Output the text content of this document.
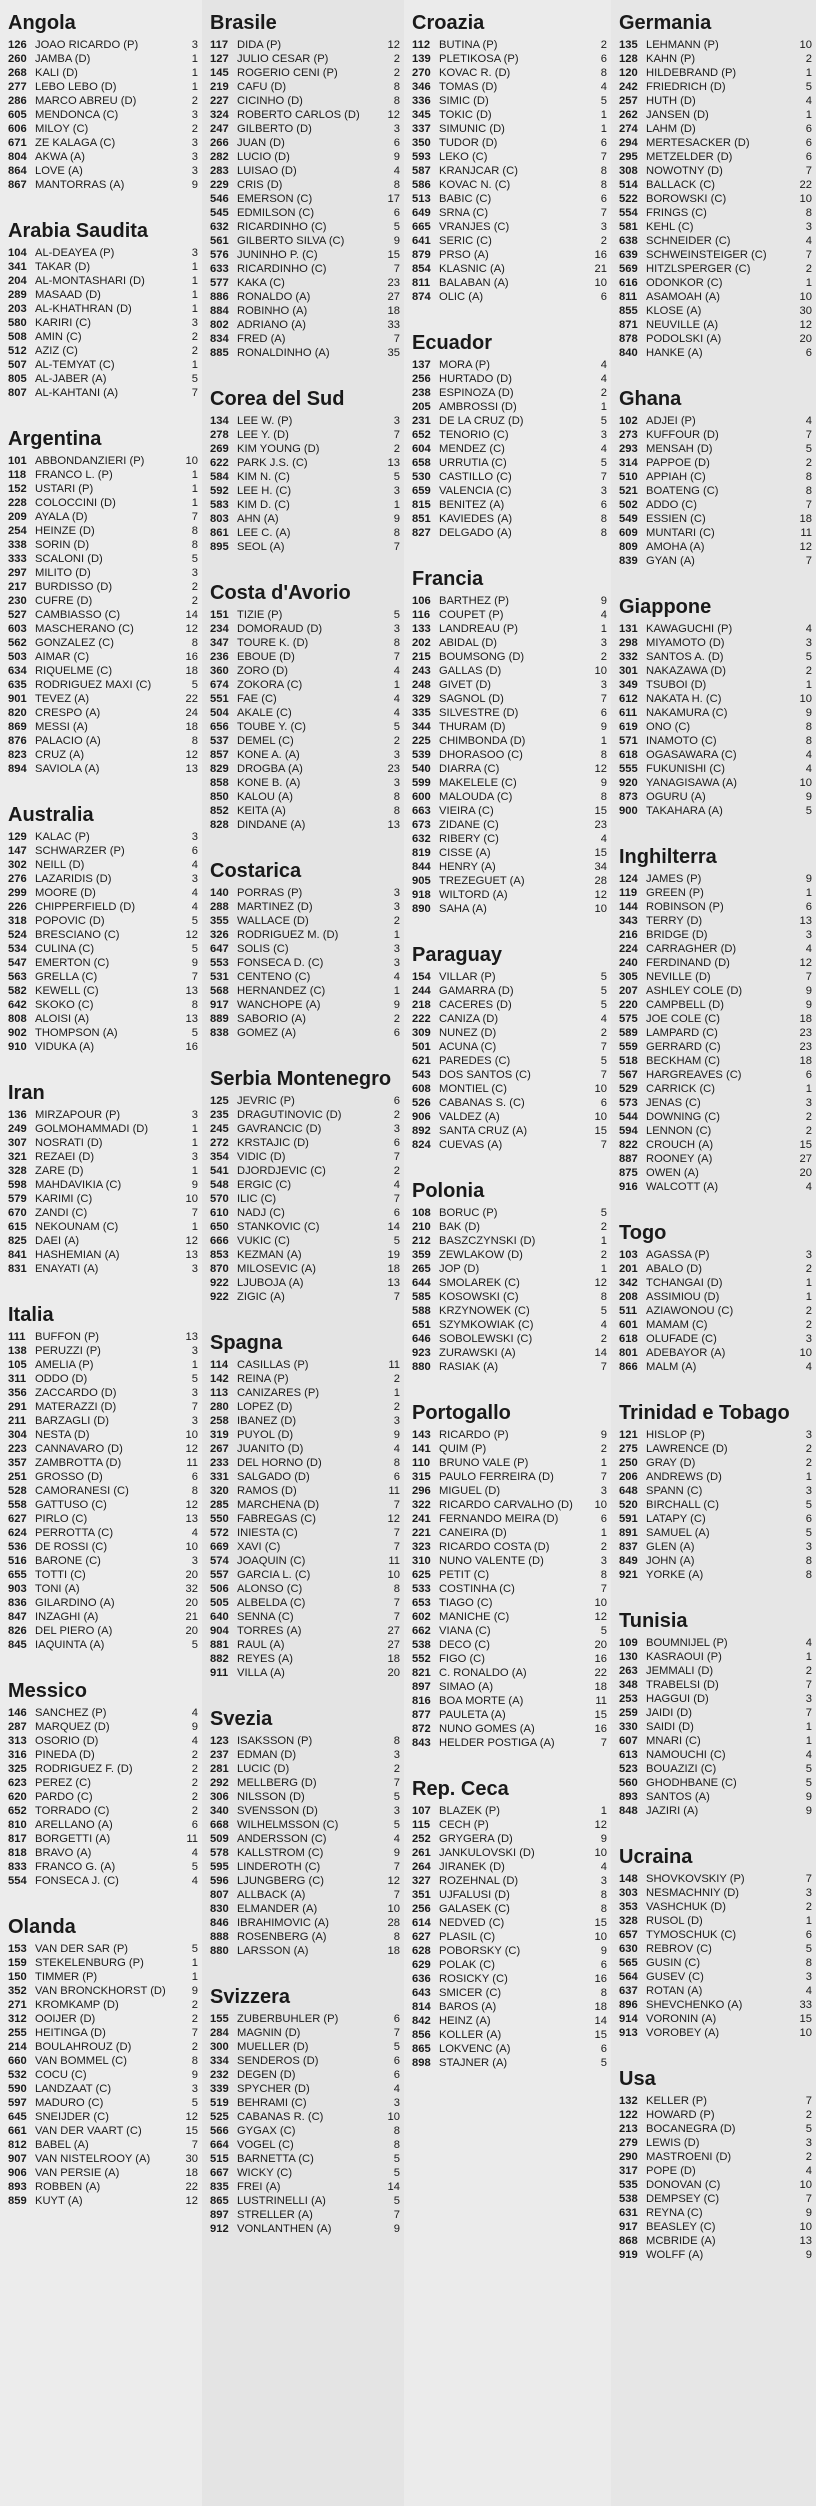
Angola
126 JOAO RICARDO (P)	3
260 JAMBA (D)	1
268 KALI (D)	1
277 LEBO LEBO (D)	1
286 MARCO ABREU (D)	2
605 MENDONCA (C)	3
606 MILOY (C)	2
671 ZE KALAGA (C)	3
804 AKWA (A)	3
864 LOVE (A)	3
867 MANTORRAS (A)	9
Arabia Saudita
104 AL-DEAYEA (P)	3
341 TAKAR (D)	1
204 AL-MONTASHARI (D)	1
289 MASAAD (D)	1
203 AL-KHATHRAN (D)	1
580 KARIRI (C)	3
508 AMIN (C)	2
512 AZIZ (C)	2
507 AL-TEMYAT (C)	1
805 AL-JABER (A)	5
807 AL-KAHTANI (A)	7
Argentina
101 ABBONDANZIERI (P)	10
118 FRANCO L. (P)	1
152 USTARI (P)	1
228 COLOCCINI (D)	1
209 AYALA (D)	7
254 HEINZE (D)	8
338 SORIN (D)	8
333 SCALONI (D)	5
297 MILITO (D)	3
217 BURDISSO (D)	2
230 CUFRE (D)	2
527 CAMBIASSO (C)	14
603 MASCHERANO (C)	12
562 GONZALEZ (C)	8
503 AIMAR (C)	16
634 RIQUELME (C)	18
635 RODRIGUEZ MAXI (C)	5
901 TEVEZ (A)	22
820 CRESPO (A)	24
869 MESSI (A)	18
876 PALACIO (A)	8
823 CRUZ (A)	12
894 SAVIOLA (A)	13
Australia
129 KALAC (P)	3
147 SCHWARZER (P)	6
302 NEILL (D)	4
276 LAZARIDIS (D)	3
299 MOORE (D)	4
226 CHIPPERFIELD (D)	4
318 POPOVIC (D)	5
524 BRESCIANO (C)	12
534 CULINA (C)	5
547 EMERTON (C)	9
563 GRELLA (C)	7
582 KEWELL (C)	13
642 SKOKO (C)	8
808 ALOISI (A)	13
902 THOMPSON (A)	5
910 VIDUKA (A)	16
Iran
136 MIRZAPOUR (P)	3
249 GOLMOHAMMADI (D)	1
307 NOSRATI (D)	1
321 REZAEI (D)	3
328 ZARE (D)	1
598 MAHDAVIKIA (C)	9
579 KARIMI (C)	10
670 ZANDI (C)	7
615 NEKOUNAM (C)	1
825 DAEI (A)	12
841 HASHEMIAN (A)	13
831 ENAYATI (A)	3
Italia
111 BUFFON (P)	13
138 PERUZZI (P)	3
105 AMELIA (P)	1
311 ODDO (D)	5
356 ZACCARDO (D)	3
291 MATERAZZI (D)	7
211 BARZAGLI (D)	3
304 NESTA (D)	10
223 CANNAVARO (D)	12
357 ZAMBROTTA (D)	11
251 GROSSO (D)	6
528 CAMORANESI (C)	8
558 GATTUSO (C)	12
627 PIRLO (C)	13
624 PERROTTA (C)	4
536 DE ROSSI (C)	10
516 BARONE (C)	3
655 TOTTI (C)	20
903 TONI (A)	32
836 GILARDINO (A)	20
847 INZAGHI (A)	21
826 DEL PIERO (A)	20
845 IAQUINTA (A)	5
Messico
146 SANCHEZ (P)	4
287 MARQUEZ (D)	9
313 OSORIO (D)	4
316 PINEDA (D)	2
325 RODRIGUEZ F. (D)	2
623 PEREZ (C)	2
620 PARDO (C)	2
652 TORRADO (C)	2
810 ARELLANO (A)	6
817 BORGETTI (A)	11
818 BRAVO (A)	4
833 FRANCO G. (A)	5
554 FONSECA J. (C)	4
Olanda
153 VAN DER SAR (P)	5
159 STEKELENBURG (P)	1
150 TIMMER (P)	1
352 VAN BRONCKHORST (D)	9
271 KROMKAMP (D)	2
312 OOIJER (D)	2
255 HEITINGA (D)	7
214 BOULAHROUZ (D)	2
660 VAN BOMMEL (C)	8
532 COCU (C)	9
590 LANDZAAT (C)	3
597 MADURO (C)	5
645 SNEIJDER (C)	12
661 VAN DER VAART (C)	15
812 BABEL (A)	7
907 VAN NISTELROOY (A)	30
906 VAN PERSIE (A)	18
893 ROBBEN (A)	22
859 KUYT (A)	12
Brasile
117 DIDA (P)	12
127 JULIO CESAR (P)	2
145 ROGERIO CENI (P)	2
219 CAFU (D)	8
227 CICINHO (D)	8
324 ROBERTO CARLOS (D)	12
247 GILBERTO (D)	3
266 JUAN (D)	6
282 LUCIO (D)	9
283 LUISAO (D)	4
229 CRIS (D)	8
546 EMERSON (C)	17
545 EDMILSON (C)	6
632 RICARDINHO (C)	5
561 GILBERTO SILVA (C)	9
576 JUNINHO P. (C)	15
633 RICARDINHO (C)	7
577 KAKA (C)	23
886 RONALDO (A)	27
884 ROBINHO (A)	18
802 ADRIANO (A)	33
834 FRED (A)	7
885 RONALDINHO (A)	35
Corea del Sud
134 LEE W. (P)	3
278 LEE Y. (D)	7
269 KIM YOUNG (D)	2
622 PARK J.S. (C)	13
584 KIM N. (C)	5
592 LEE H. (C)	3
583 KIM D. (C)	1
803 AHN (A)	9
861 LEE C. (A)	8
895 SEOL (A)	7
Costa d'Avorio
151 TIZIE (P)	5
234 DOMORAUD (D)	3
347 TOURE K. (D)	8
236 EBOUE (D)	7
360 ZORO (D)	4
674 ZOKORA (C)	1
551 FAE (C)	4
504 AKALE (C)	4
656 TOUBE Y. (C)	5
537 DEMEL (C)	2
857 KONE A. (A)	3
829 DROGBA (A)	23
858 KONE B. (A)	3
850 KALOU (A)	8
852 KEITA (A)	8
828 DINDANE (A)	13
Costarica
140 PORRAS (P)	3
288 MARTINEZ (D)	3
355 WALLACE (D)	2
326 RODRIGUEZ M. (D)	1
647 SOLIS (C)	3
553 FONSECA D. (C)	3
531 CENTENO (C)	4
568 HERNANDEZ (C)	1
917 WANCHOPE (A)	9
889 SABORIO (A)	2
838 GOMEZ (A)	6
Serbia Montenegro
125 JEVRIC (P)	6
235 DRAGUTINOVIC (D)	2
245 GAVRANCIC (D)	3
272 KRSTAJIC (D)	6
354 VIDIC (D)	7
541 DJORDJEVIC (C)	2
548 ERGIC (C)	4
570 ILIC (C)	7
610 NADJ (C)	6
650 STANKOVIC (C)	14
666 VUKIC (C)	5
853 KEZMAN (A)	19
870 MILOSEVIC (A)	18
922 LJUBOJA (A)	13
922 ZIGIC (A)	7
Spagna
114 CASILLAS (P)	11
142 REINA (P)	2
113 CANIZARES (P)	1
280 LOPEZ (D)	2
258 IBANEZ (D)	3
319 PUYOL (D)	9
267 JUANITO (D)	4
233 DEL HORNO (D)	8
331 SALGADO (D)	6
320 RAMOS (D)	11
285 MARCHENA (D)	7
550 FABREGAS (C)	12
572 INIESTA (C)	7
669 XAVI (C)	7
574 JOAQUIN (C)	11
557 GARCIA L. (C)	10
506 ALONSO (C)	8
505 ALBELDA (C)	7
640 SENNA (C)	7
904 TORRES (A)	27
881 RAUL (A)	27
882 REYES (A)	18
911 VILLA (A)	20
Svezia
123 ISAKSSON (P)	8
237 EDMAN (D)	3
281 LUCIC (D)	2
292 MELLBERG (D)	7
306 NILSSON (D)	5
340 SVENSSON (D)	3
668 WILHELMSSON (C)	5
509 ANDERSSON (C)	4
578 KALLSTROM (C)	9
595 LINDEROTH (C)	7
596 LJUNGBERG (C)	12
807 ALLBACK (A)	7
830 ELMANDER (A)	10
846 IBRAHIMOVIC (A)	28
888 ROSENBERG (A)	8
880 LARSSON (A)	18
Svizzera
155 ZUBERBUHLER (P)	6
284 MAGNIN (D)	7
300 MUELLER (D)	5
334 SENDEROS (D)	6
232 DEGEN (D)	6
339 SPYCHER (D)	4
519 BEHRAMI (C)	3
525 CABANAS R. (C)	10
566 GYGAX (C)	8
664 VOGEL (C)	8
515 BARNETTA (C)	5
667 WICKY (C)	5
835 FREI (A)	14
865 LUSTRINELLI (A)	5
897 STRELLER (A)	7
912 VONLANTHEN (A)	9
Croazia
112 BUTINA (P)	2
139 PLETIKOSA (P)	6
270 KOVAC R. (D)	8
346 TOMAS (D)	4
336 SIMIC (D)	5
345 TOKIC (D)	1
337 SIMUNIC (D)	1
350 TUDOR (D)	6
593 LEKO (C)	7
587 KRANJCAR (C)	8
586 KOVAC N. (C)	8
513 BABIC (C)	6
649 SRNA (C)	7
665 VRANJES (C)	3
641 SERIC (C)	2
879 PRSO (A)	16
854 KLASNIC (A)	21
811 BALABAN (A)	10
874 OLIC (A)	6
Ecuador
137 MORA (P)	4
256 HURTADO (D)	4
238 ESPINOZA (D)	2
205 AMBROSSI (D)	1
231 DE LA CRUZ (D)	5
652 TENORIO (C)	3
604 MENDEZ (C)	4
658 URRUTIA (C)	5
530 CASTILLO (C)	7
659 VALENCIA (C)	3
815 BENITEZ (A)	6
851 KAVIEDES (A)	8
827 DELGADO (A)	8
Francia
106 BARTHEZ (P)	9
116 COUPET (P)	4
133 LANDREAU (P)	1
202 ABIDAL (D)	3
215 BOUMSONG (D)	2
243 GALLAS (D)	10
248 GIVET (D)	3
329 SAGNOL (D)	7
335 SILVESTRE (D)	6
344 THURAM (D)	9
225 CHIMBONDA (D)	1
539 DHORASOO (C)	8
540 DIARRA (C)	12
599 MAKELELE (C)	9
600 MALOUDA (C)	8
663 VIEIRA (C)	15
673 ZIDANE (C)	23
632 RIBERY (C)	4
819 CISSE (A)	15
844 HENRY (A)	34
905 TREZEGUET (A)	28
918 WILTORD (A)	12
890 SAHA (A)	10
Paraguay
154 VILLAR (P)	5
244 GAMARRA (D)	5
218 CACERES (D)	5
222 CANIZA (D)	4
309 NUNEZ (D)	2
501 ACUNA (C)	7
621 PAREDES (C)	5
543 DOS SANTOS (C)	7
608 MONTIEL (C)	10
526 CABANAS S. (C)	6
906 VALDEZ (A)	10
892 SANTA CRUZ (A)	15
824 CUEVAS (A)	7
Polonia
108 BORUC (P)	5
210 BAK (D)	2
212 BASZCZYNSKI (D)	1
359 ZEWLAKOW (D)	2
265 JOP (D)	1
644 SMOLAREK (C)	12
585 KOSOWSKI (C)	8
588 KRZYNOWEK (C)	5
651 SZYMKOWIAK (C)	4
646 SOBOLEWSKI (C)	2
923 ZURAWSKI (A)	14
880 RASIAK (A)	7
Portogallo
143 RICARDO (P)	9
141 QUIM (P)	2
110 BRUNO VALE (P)	1
315 PAULO FERREIRA (D)	7
296 MIGUEL (D)	3
322 RICARDO CARVALHO (D)	10
241 FERNANDO MEIRA (D)	6
221 CANEIRA (D)	1
323 RICARDO COSTA (D)	2
310 NUNO VALENTE (D)	3
625 PETIT (C)	8
533 COSTINHA (C)	7
653 TIAGO (C)	10
602 MANICHE (C)	12
662 VIANA (C)	5
538 DECO (C)	20
552 FIGO (C)	16
821 C. RONALDO (A)	22
897 SIMAO (A)	18
816 BOA MORTE (A)	11
877 PAULETA (A)	15
872 NUNO GOMES (A)	16
843 HELDER POSTIGA (A)	7
Rep. Ceca
107 BLAZEK (P)	1
115 CECH (P)	12
252 GRYGERA (D)	9
261 JANKULOVSKI (D)	10
264 JIRANEK (D)	4
327 ROZEHNAL (D)	3
351 UJFALUSI (D)	8
256 GALASEK (C)	8
614 NEDVED (C)	15
627 PLASIL (C)	10
628 POBORSKY (C)	9
629 POLAK (C)	6
636 ROSICKY (C)	16
643 SMICER (C)	8
814 BAROS (A)	18
842 HEINZ (A)	14
856 KOLLER (A)	15
865 LOKVENC (A)	6
898 STAJNER (A)	5
Germania
135 LEHMANN (P)	10
128 KAHN (P)	2
120 HILDEBRAND (P)	1
242 FRIEDRICH (D)	5
257 HUTH (D)	4
262 JANSEN (D)	1
274 LAHM (D)	6
294 MERTESACKER (D)	6
295 METZELDER (D)	6
308 NOWOTNY (D)	7
514 BALLACK (C)	22
522 BOROWSKI (C)	10
554 FRINGS (C)	8
581 KEHL (C)	3
638 SCHNEIDER (C)	4
639 SCHWEINSTEIGER (C)	7
569 HITZLSPERGER (C)	2
616 ODONKOR (C)	1
811 ASAMOAH (A)	10
855 KLOSE (A)	30
871 NEUVILLE (A)	12
878 PODOLSKI (A)	20
840 HANKE (A)	6
Ghana
102 ADJEI (P)	4
273 KUFFOUR (D)	7
293 MENSAH (D)	5
314 PAPPOE (D)	2
510 APPIAH (C)	8
521 BOATENG (C)	8
502 ADDO (C)	7
549 ESSIEN (C)	18
609 MUNTARI (C)	11
809 AMOHA (A)	12
839 GYAN (A)	7
Giappone
131 KAWAGUCHI (P)	4
298 MIYAMOTO (D)	3
332 SANTOS A. (D)	5
301 NAKAZAWA (D)	2
349 TSUBOI (D)	1
612 NAKATA H. (C)	10
611 NAKAMURA (C)	9
619 ONO (C)	8
571 INAMOTO (C)	8
618 OGASAWARA (C)	4
555 FUKUNISHI (C)	4
920 YANAGISAWA (A)	10
873 OGURU (A)	9
900 TAKAHARA (A)	5
Inghilterra
124 JAMES (P)	9
119 GREEN (P)	1
144 ROBINSON (P)	6
343 TERRY (D)	13
216 BRIDGE (D)	3
224 CARRAGHER (D)	4
240 FERDINAND (D)	12
305 NEVILLE (D)	7
207 ASHLEY COLE (D)	9
220 CAMPBELL (D)	9
575 JOE COLE (C)	18
589 LAMPARD (C)	23
559 GERRARD (C)	23
518 BECKHAM (C)	18
567 HARGREAVES (C)	6
529 CARRICK (C)	1
573 JENAS (C)	3
544 DOWNING (C)	2
594 LENNON (C)	2
822 CROUCH (A)	15
887 ROONEY (A)	27
875 OWEN (A)	20
916 WALCOTT (A)	4
Togo
103 AGASSA (P)	3
201 ABALO (D)	2
342 TCHANGAI (D)	1
208 ASSIMIOU (D)	1
511 AZIAWONOU (C)	2
601 MAMAM (C)	2
618 OLUFADE (C)	3
801 ADEBAYOR (A)	10
866 MALM (A)	4
Trinidad e Tobago
121 HISLOP (P)	3
275 LAWRENCE (D)	2
250 GRAY (D)	2
206 ANDREWS (D)	1
648 SPANN (C)	3
520 BIRCHALL (C)	5
591 LATAPY (C)	6
891 SAMUEL (A)	5
837 GLEN (A)	3
849 JOHN (A)	8
921 YORKE (A)	8
Tunisia
109 BOUMNIJEL (P)	4
130 KASRAOUI (P)	1
263 JEMMALI (D)	2
348 TRABELSI (D)	7
253 HAGGUI (D)	3
259 JAIDI (D)	7
330 SAIDI (D)	1
607 MNARI (C)	1
613 NAMOUCHI (C)	4
523 BOUAZIZI (C)	5
560 GHODHBANE (C)	5
893 SANTOS (A)	9
848 JAZIRI (A)	9
Ucraina
148 SHOVKOVSKIY (P)	7
303 NESMACHNIY (D)	3
353 VASHCHUK (D)	2
328 RUSOL (D)	1
657 TYMOSCHUK (C)	6
630 REBROV (C)	5
565 GUSIN (C)	8
564 GUSEV (C)	3
637 ROTAN (A)	4
896 SHEVCHENKO (A)	33
914 VORONIN (A)	15
913 VOROBEY (A)	10
Usa
132 KELLER (P)	7
122 HOWARD (P)	2
213 BOCANEGRA (D)	5
279 LEWIS (D)	3
290 MASTROENI (D)	2
317 POPE (D)	4
535 DONOVAN (C)	10
538 DEMPSEY (C)	7
631 REYNA (C)	9
917 BEASLEY (C)	10
868 MCBRIDE (A)	13
919 WOLFF (A)	9
